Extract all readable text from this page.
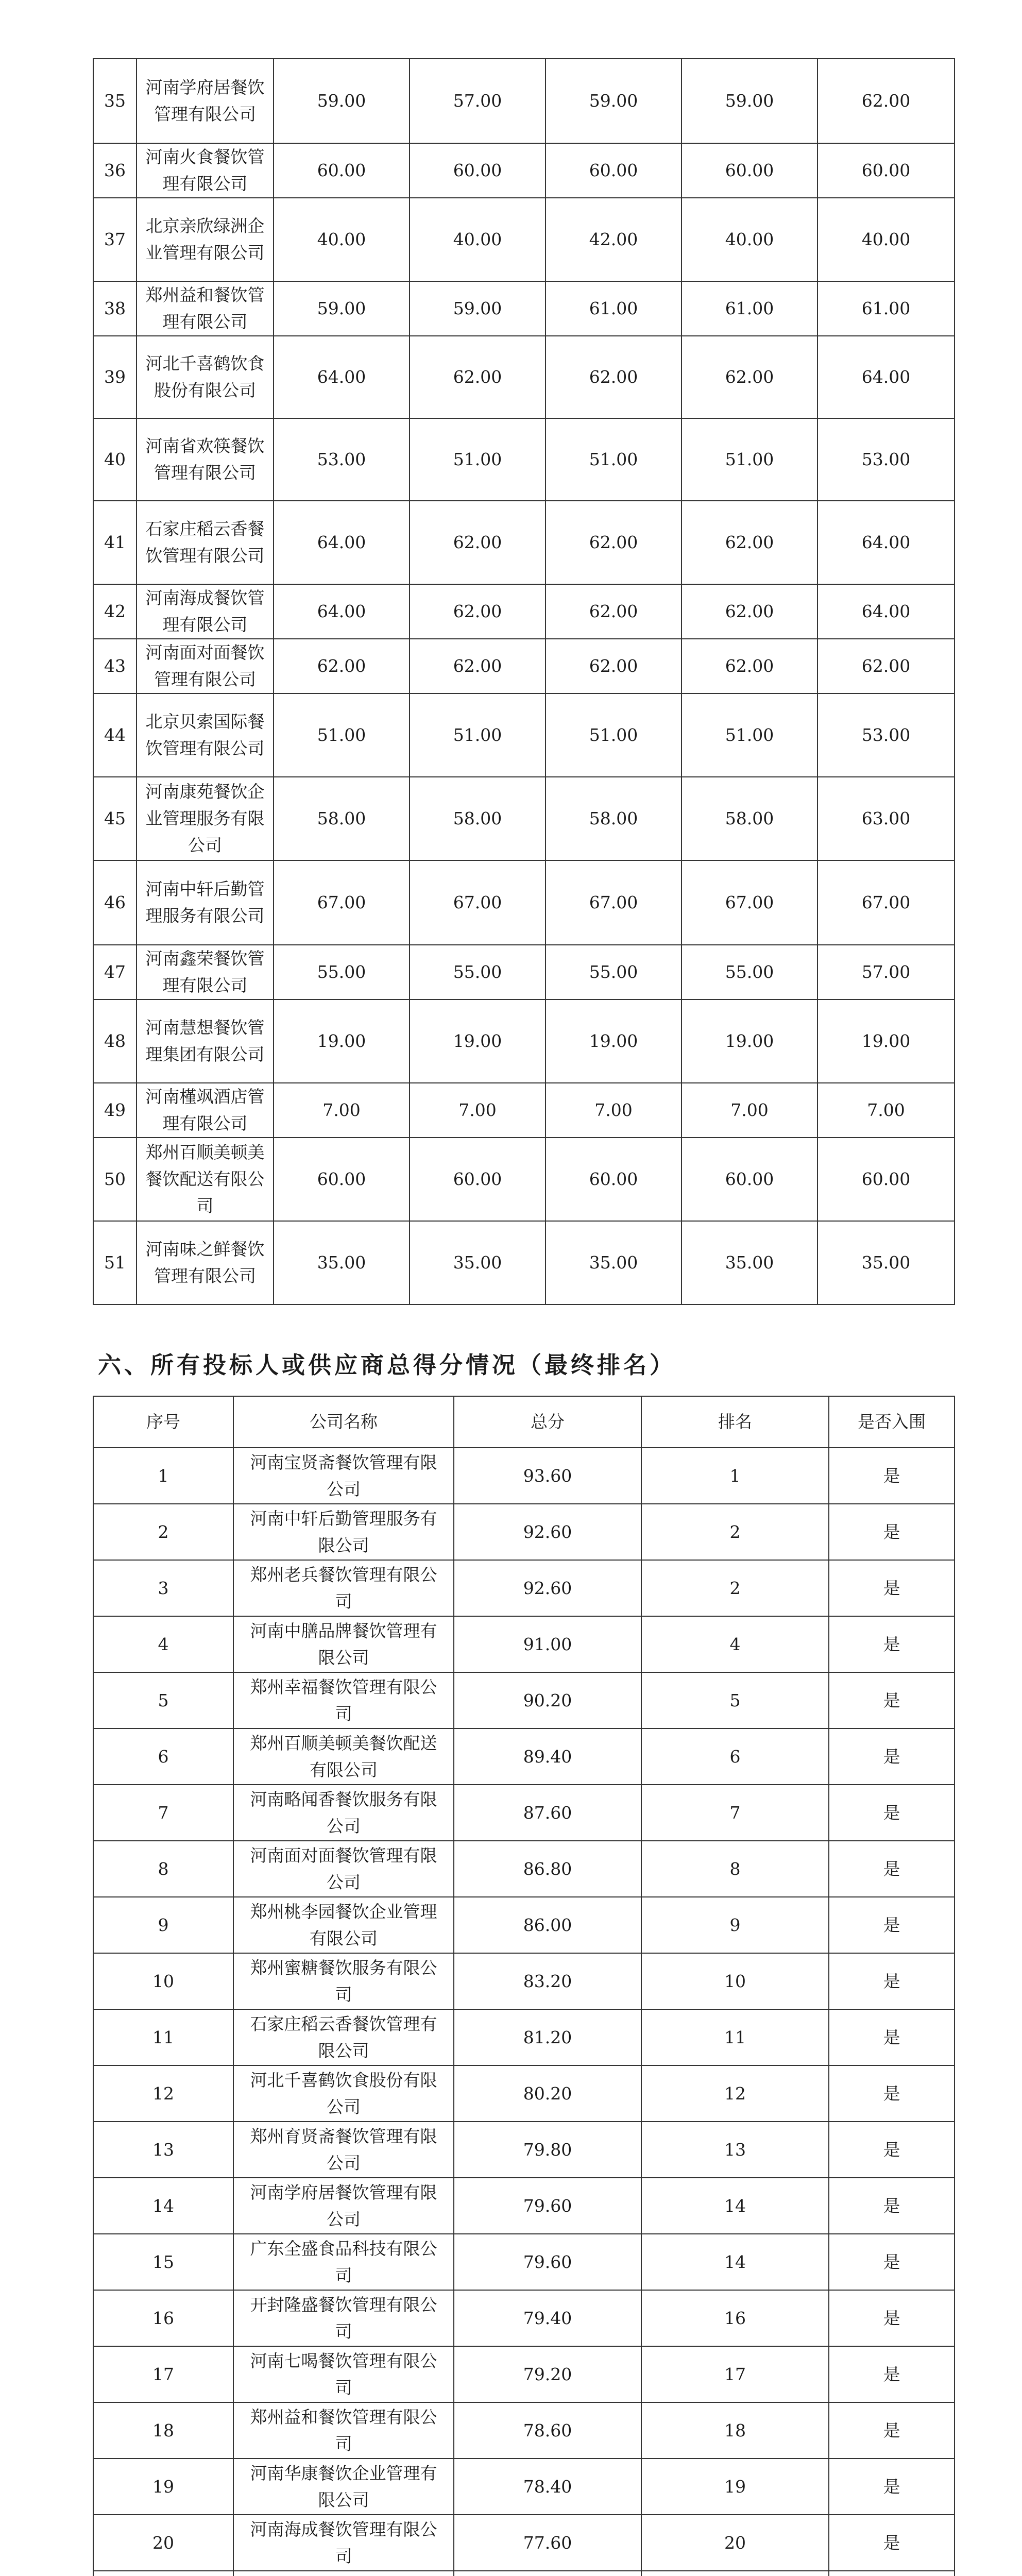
35	河南学府居餐饮管理有限公司	59.00	57.00	59.00	59.00	62.00
36	河南火食餐饮管理有限公司	60.00	60.00	60.00	60.00	60.00
37	北京亲欣绿洲企业管理有限公司	40.00	40.00	42.00	40.00	40.00
38	郑州益和餐饮管理有限公司	59.00	59.00	61.00	61.00	61.00
39	河北千喜鹤饮食股份有限公司	64.00	62.00	62.00	62.00	64.00
40	河南省欢筷餐饮管理有限公司	53.00	51.00	51.00	51.00	53.00
41	石家庄稻云香餐饮管理有限公司	64.00	62.00	62.00	62.00	64.00
42	河南海成餐饮管理有限公司	64.00	62.00	62.00	62.00	64.00
43	河南面对面餐饮管理有限公司	62.00	62.00	62.00	62.00	62.00
44	北京贝索国际餐饮管理有限公司	51.00	51.00	51.00	51.00	53.00
45	河南康苑餐饮企业管理服务有限公司	58.00	58.00	58.00	58.00	63.00
46	河南中轩后勤管理服务有限公司	67.00	67.00	67.00	67.00	67.00
47	河南鑫荣餐饮管理有限公司	55.00	55.00	55.00	55.00	57.00
48	河南慧想餐饮管理集团有限公司	19.00	19.00	19.00	19.00	19.00
49	河南槿飒酒店管理有限公司	7.00	7.00	7.00	7.00	7.00
50	郑州百顺美顿美餐饮配送有限公司	60.00	60.00	60.00	60.00	60.00
51	河南味之鲜餐饮管理有限公司	35.00	35.00	35.00	35.00	35.00
六、所有投标人或供应商总得分情况（最终排名）
序号	公司名称	总分	排名	是否入围
1	河南宝贤斋餐饮管理有限公司	93.60	1	是
2	河南中轩后勤管理服务有限公司	92.60	2	是
3	郑州老兵餐饮管理有限公司	92.60	2	是
4	河南中膳品牌餐饮管理有限公司	91.00	4	是
5	郑州幸福餐饮管理有限公司	90.20	5	是
6	郑州百顺美顿美餐饮配送有限公司	89.40	6	是
7	河南略闻香餐饮服务有限公司	87.60	7	是
8	河南面对面餐饮管理有限公司	86.80	8	是
9	郑州桃李园餐饮企业管理有限公司	86.00	9	是
10	郑州蜜糖餐饮服务有限公司	83.20	10	是
11	石家庄稻云香餐饮管理有限公司	81.20	11	是
12	河北千喜鹤饮食股份有限公司	80.20	12	是
13	郑州育贤斋餐饮管理有限公司	79.80	13	是
14	河南学府居餐饮管理有限公司	79.60	14	是
15	广东全盛食品科技有限公司	79.60	14	是
16	开封隆盛餐饮管理有限公司	79.40	16	是
17	河南七喝餐饮管理有限公司	79.20	17	是
18	郑州益和餐饮管理有限公司	78.60	18	是
19	河南华康餐饮企业管理有限公司	78.40	19	是
20	河南海成餐饮管理有限公司	77.60	20	是
